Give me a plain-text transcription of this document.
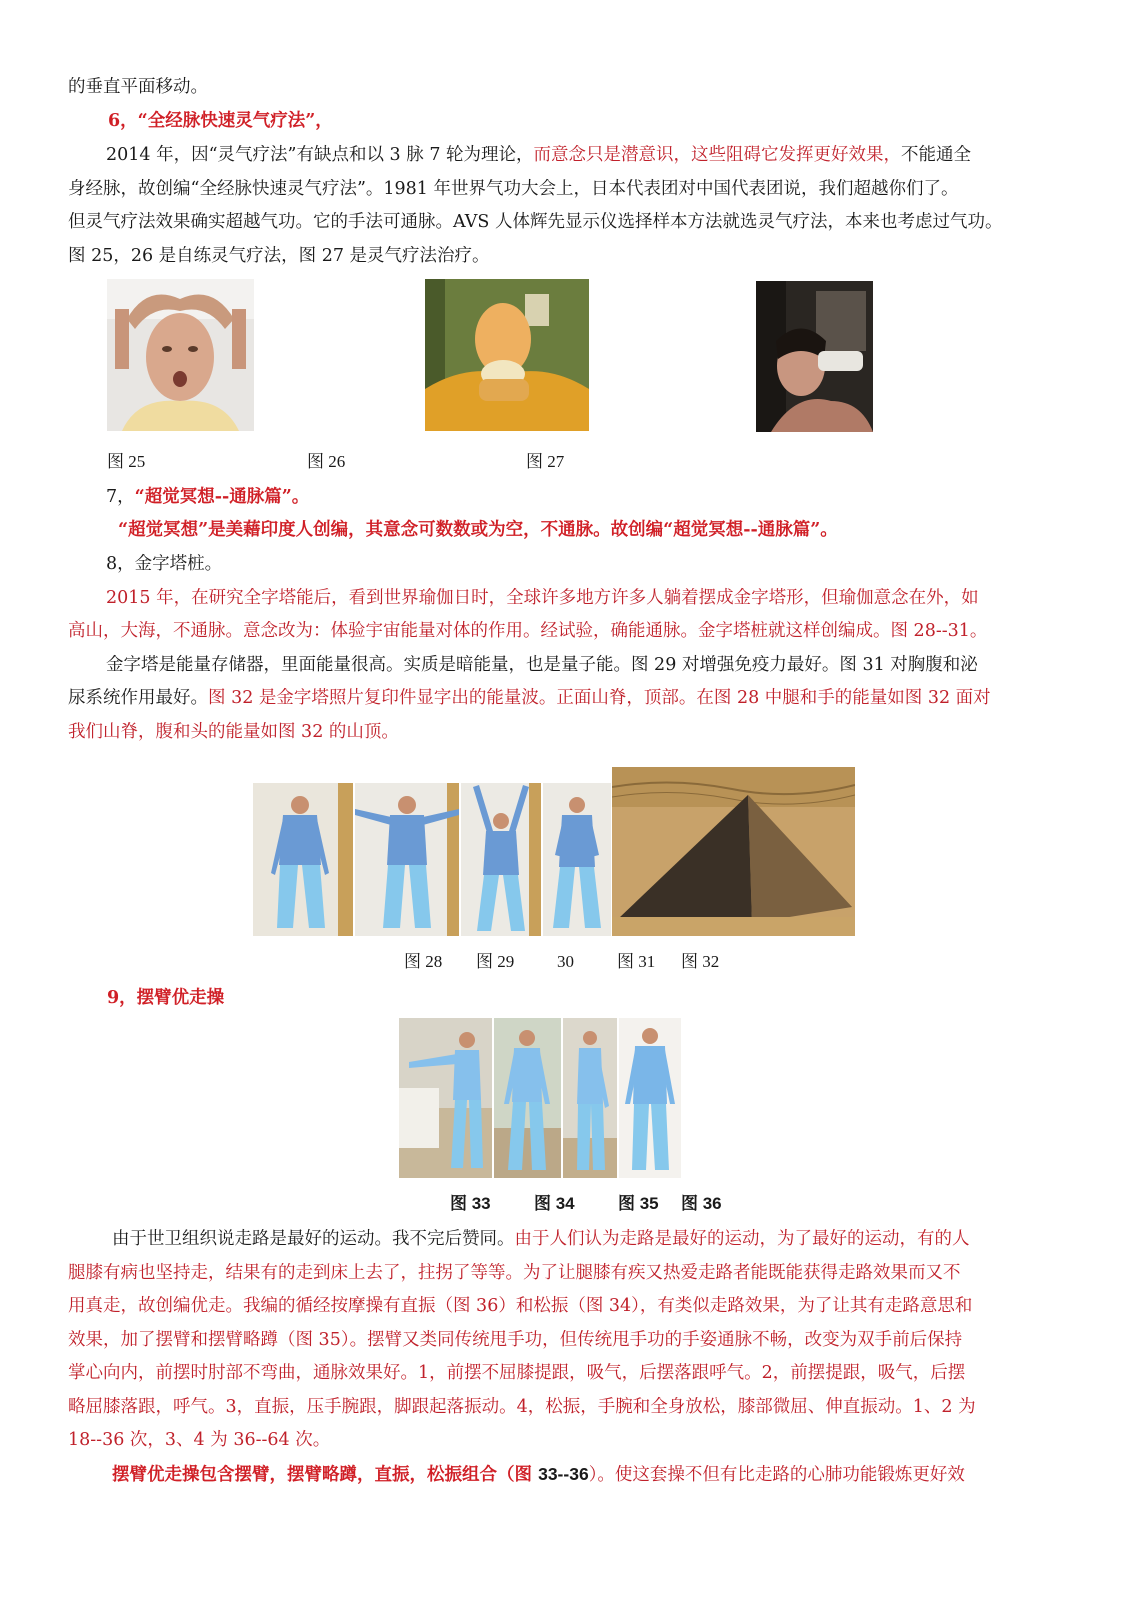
的垂直平面移动。
6，“全经脉快速灵气疗法”，
2014 年，因“灵气疗法”有缺点和以 3 脉 7 轮为理论，而意念只是潜意识，这些阻碍它发挥更好效果，不能通全
身经脉，故创编“全经脉快速灵气疗法”。1981 年世界气功大会上，日本代表团对中国代表团说，我们超越你们了。
但灵气疗法效果确实超越气功。它的手法可通脉。AVS 人体辉先显示仪选择样本方法就选灵气疗法，本来也考虑过气功。
图 25，26 是自练灵气疗法，图 27 是灵气疗法治疗。
图 25	图 26	图 27
7，“超觉冥想--通脉篇”。
“超觉冥想”是美藉印度人创编，其意念可数数或为空，不通脉。故创编“超觉冥想--通脉篇”。
8，金字塔桩。
2015 年，在研究全字塔能后，看到世界瑜伽日时，全球许多地方许多人躺着摆成金字塔形，但瑜伽意念在外，如
高山，大海，不通脉。意念改为：体验宇宙能量对体的作用。经试验，确能通脉。金字塔桩就这样创编成。图 28--31。
金字塔是能量存储器，里面能量很高。实质是暗能量，也是量子能。图 29 对增强免疫力最好。图 31 对胸腹和泌
尿系统作用最好。图 32 是金字塔照片复印件显字出的能量波。正面山脊，顶部。在图 28 中腿和手的能量如图 32 面对
我们山脊，腹和头的能量如图 32 的山顶。
图 28 图 29	30	图 31 图 32
9，摆臂优走操
图 33	图 34	图 35 图 36
由于世卫组织说走路是最好的运动。我不完后赞同。由于人们认为走路是最好的运动，为了最好的运动，有的人
腿膝有病也坚持走，结果有的走到床上去了，拄拐了等等。为了让腿膝有疾又热爱走路者能既能获得走路效果而又不
用真走，故创编优走。我编的循经按摩操有直振（图 36）和松振（图 34），有类似走路效果，为了让其有走路意思和
效果，加了摆臂和摆臂略蹲（图 35）。摆臂又类同传统甩手功，但传统甩手功的手姿通脉不畅，改变为双手前后保持
掌心向内，前摆时肘部不弯曲，通脉效果好。1，前摆不屈膝提跟，吸气，后摆落跟呼气。2，前摆提跟，吸气，后摆
略屈膝落跟，呼气。3，直振，压手腕跟，脚跟起落振动。4，松振，手腕和全身放松，膝部微屈、伸直振动。1、2 为
18--36 次，3、4 为 36--64 次。
摆臂优走操包含摆臂，摆臂略蹲，直振，松振组合（图 33--36）。使这套操不但有比走路的心肺功能锻炼更好效
